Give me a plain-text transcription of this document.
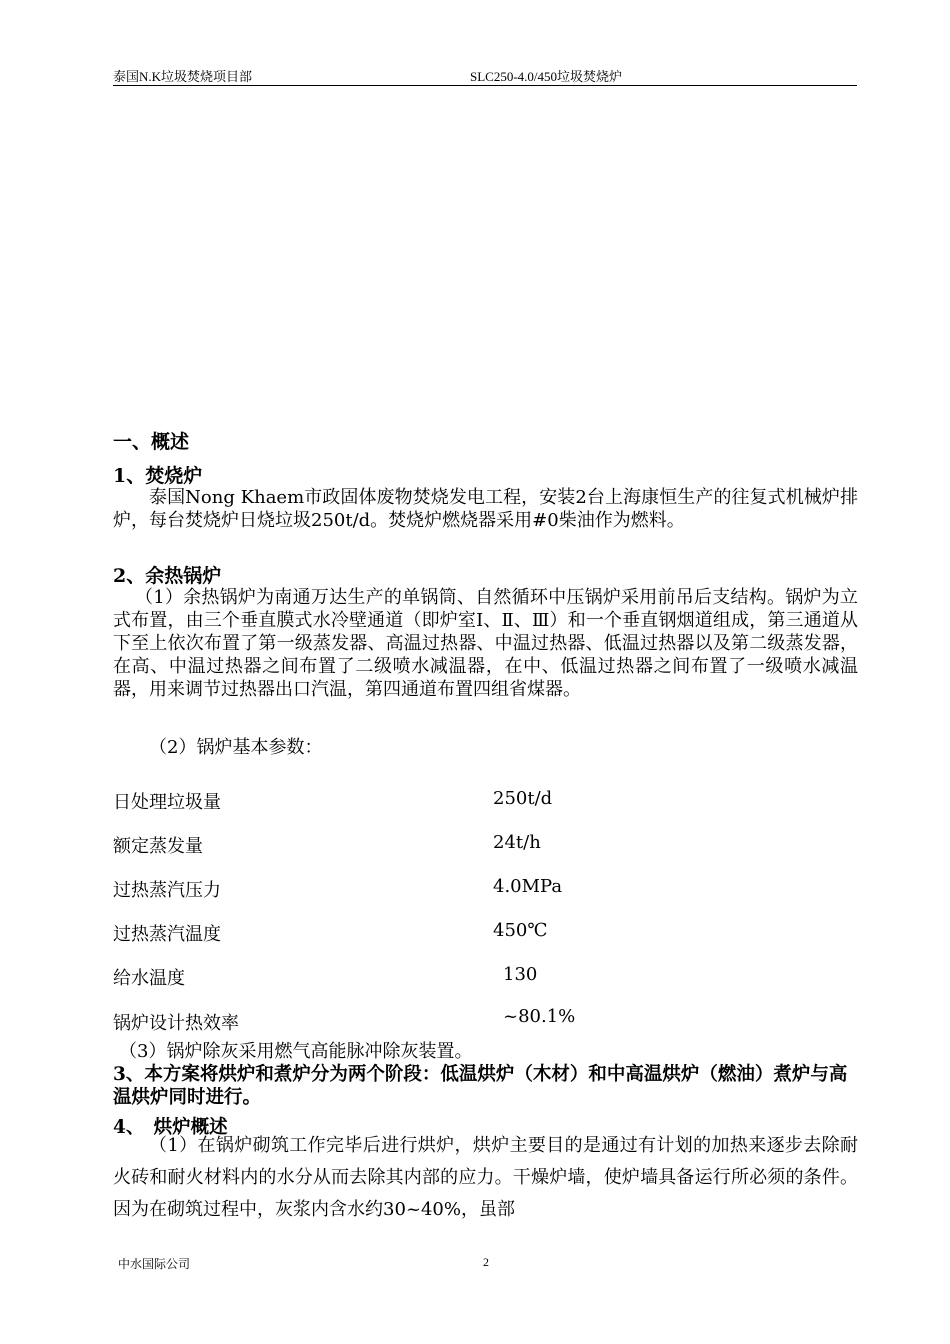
泰国N.K垃圾焚烧项目部	SLC250-4.0/450垃圾焚烧炉
一、概述
1、焚烧炉
泰国Nong Khaem市政固体废物焚烧发电工程，安装2台上海康恒生产的往复式机械炉排炉，每台焚烧炉日烧垃圾250t/d。焚烧炉燃烧器采用#0柴油作为燃料。
2、余热锅炉
（1）余热锅炉为南通万达生产的单锅筒、自然循环中压锅炉采用前吊后支结构。锅炉为立式布置，由三个垂直膜式水冷壁通道（即炉室Ⅰ、Ⅱ、Ⅲ）和一个垂直钢烟道组成，第三通道从下至上依次布置了第一级蒸发器、高温过热器、中温过热器、低温过热器以及第二级蒸发器，在高、中温过热器之间布置了二级喷水减温器，在中、低温过热器之间布置了一级喷水减温器，用来调节过热器出口汽温，第四通道布置四组省煤器。
（2）锅炉基本参数：
日处理垃圾量	250t/d
额定蒸发量	24t/h
过热蒸汽压力	4.0MPa
过热蒸汽温度	450℃
给水温度	130
锅炉设计热效率	~80.1%
（3）锅炉除灰采用燃气高能脉冲除灰装置。
3、本方案将烘炉和煮炉分为两个阶段：低温烘炉（木材）和中高温烘炉（燃油）煮炉与高温烘炉同时进行。
4、　烘炉概述
（1）在锅炉砌筑工作完毕后进行烘炉，烘炉主要目的是通过有计划的加热来逐步去除耐火砖和耐火材料内的水分从而去除其内部的应力。干燥炉墙，使炉墙具备运行所必须的条件。因为在砌筑过程中，灰浆内含水约30~40%，虽部
中水国际公司	2
